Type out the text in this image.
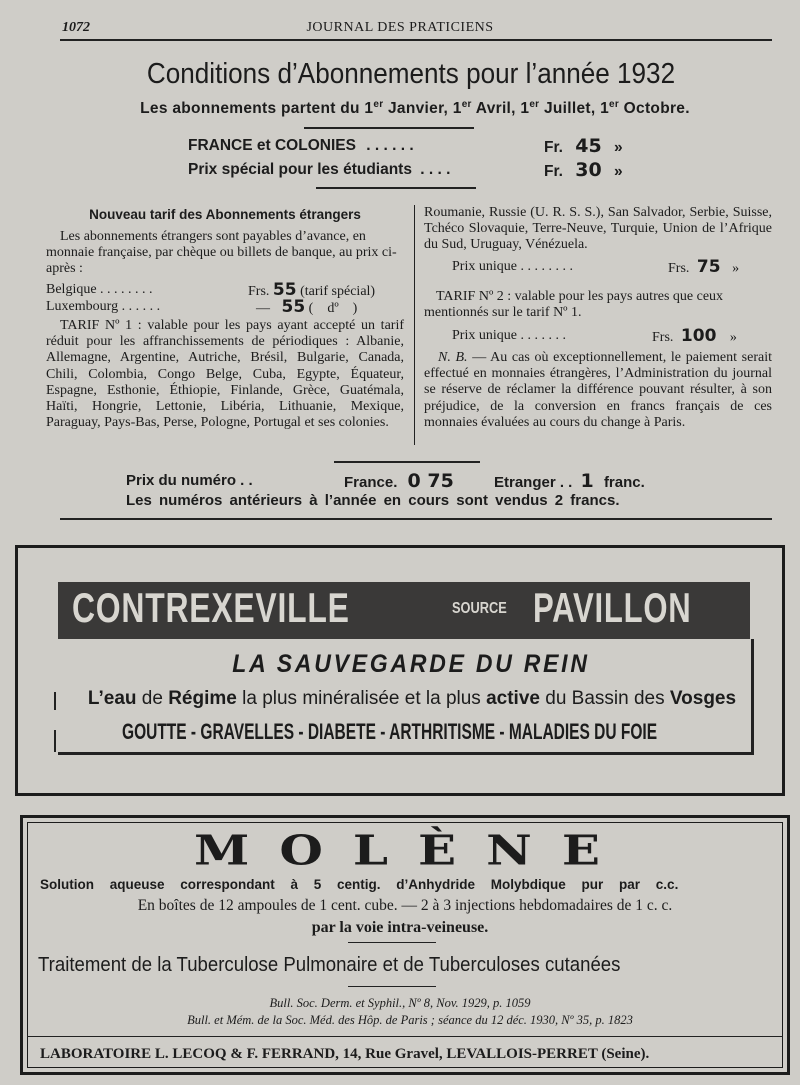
1072	JOURNAL DES PRATICIENS
Conditions d’Abonnements pour l’année 1932
Les abonnements partent du 1er Janvier, 1er Avril, 1er Juillet, 1er Octobre.
FRANCE et COLONIES . . . . . .	Fr. 45 »
Prix spécial pour les étudiants . . . .	Fr. 30 »
Nouveau tarif des Abonnements étrangers
Les abonnements étrangers sont payables d’avance, en monnaie française, par chèque ou billets de banque, au prix ci-après :
Belgique . . . . . . . .	Frs. 55 (tarif spécial)
Luxembourg . . . . . .	— 55 (    dº    )
TARIF Nº 1 : valable pour les pays ayant accepté un tarif réduit pour les affranchissements de périodiques : Albanie, Allemagne, Argentine, Autriche, Brésil, Bulgarie, Canada, Chili, Colombia, Congo Belge, Cuba, Egypte, Équateur, Espagne, Esthonie, Éthiopie, Finlande, Grèce, Guatémala, Haïti, Hongrie, Lettonie, Libéria, Lithuanie, Mexique, Paraguay, Pays-Bas, Perse, Pologne, Portugal et ses colonies.
Roumanie, Russie (U. R. S. S.), San Salvador, Serbie, Suisse, Tchéco Slovaquie, Terre-Neuve, Turquie, Union de l’Afrique du Sud, Uruguay, Vénézuela.
Prix unique . . . . . . . .	Frs. 75 »
TARIF Nº 2 : valable pour les pays autres que ceux mentionnés sur le tarif Nº 1.
Prix unique . . . . . . .	Frs. 100 »
N. B. — Au cas où exceptionnellement, le paiement serait effectué en monnaies étrangères, l’Administration du journal se réserve de réclamer la différence pouvant résulter, à son préjudice, de la conversion en francs français de ces monnaies évaluées au cours du change à Paris.
Prix du numéro . .	France. 0 75	Etranger . . 1 franc.
Les numéros antérieurs à l’année en cours sont vendus 2 francs.
CONTREXEVILLE	SOURCE PAVILLON
LA SAUVEGARDE DU REIN
L’eau de Régime la plus minéralisée et la plus active du Bassin des Vosges
GOUTTE - GRAVELLES - DIABETE - ARTHRITISME - MALADIES DU FOIE
MOLÈNE
Solution aqueuse correspondant à 5 centig. d’Anhydride Molybdique pur par c.c.
En boîtes de 12 ampoules de 1 cent. cube. — 2 à 3 injections hebdomadaires de 1 c. c.
par la voie intra-veineuse.
Traitement de la Tuberculose Pulmonaire et de Tuberculoses cutanées
Bull. Soc. Derm. et Syphil., Nº 8, Nov. 1929, p. 1059
Bull. et Mém. de la Soc. Méd. des Hôp. de Paris ; séance du 12 déc. 1930, Nº 35, p. 1823
LABORATOIRE L. LECOQ & F. FERRAND, 14, Rue Gravel, LEVALLOIS-PERRET (Seine).
